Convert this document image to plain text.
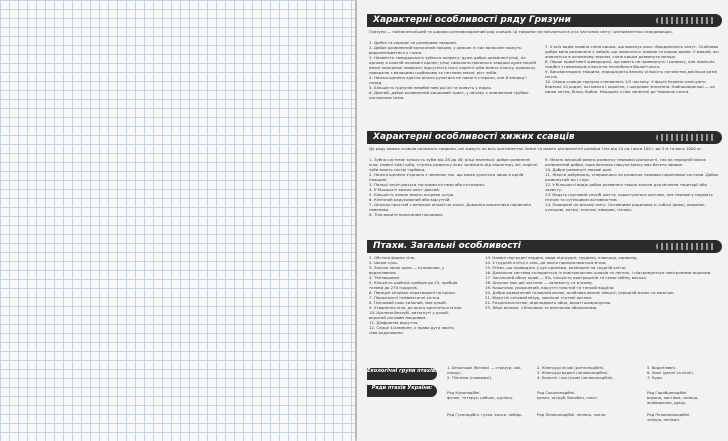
Характерні особливості ряду Гризуни
Гризуни — найчисельніший та широко розповсюджений ряд ссавців. Ці тварини зустрічаються в усіх частинах світу і різноманітних середовищах.
1. Дрібні та середні за розмірами тварини.
2. Добре розвинений волосяний покрив, у деяких із них волосяне можуть видозмінюватися у голки.
3. Наявність твердорукого зубного апарату: дуже добре розвинені різці, по одному в кожній половині щелеп; різці самозагострюються завдяки дуже міцній емалі передньої поверхні; відсутність ікол; корінні зуби мають плоску жувальну поверхню з великими горбиками та петлями емалі; ріст зубів.
4. Нижня щелепа здатна вільно рухатися не лише в сторони, але й вперед і назад.
5. Більшість гризунів невибагливі до їжі та живуть у норах.
6. Довгий, добре розвинений кишковий тракт, у зв'язку з живленням грубою рослинною їжею.
7. У всіх видів наявна сліпа кишка, що виконує роль «бродильного чану». Особливо добре вона розвинена у зайців, що живляться травою та корою дерев. У мишей, які живляться в основному зерном, сліпа кишка розвинута менше.
8. Перші примітивні живородячі, що мають не привернуть і розвину, але повільно подібні з невеликою кількістю незлобного біологічного.
9. Високоплодючі тварини, народжують велику кількість потомства декілька разів на рік.
10. Серед ссавців гризуни становлять 1/3 частину. У фауні України налічують близько 10 родин, які мають і корисне, і шкідливе значення. Найпоширеніші — це миша хатня, білка, бобер. Нещадно з них занесені до Червоної книги.
Характерні особливості хижих ссавців
До ряду хижих ссавців належать тварини, які живуть на всіх континентах Землі та мають різноманітні розміри тіла від 14 см і ваги 100 г до 3 м та ваги 1000 кг.
1. Зубна система: кількість зубів від 28 до 48; різці маленькі; добре розвинені ікла; наявні хижі зуби, ступінь розвитку яких залежить від характеру їжі; корінні зуби мають гострі горбики.
2. Нижня щелепа з'єднана з черепом так, що може рухатися лише в одній площині.
3. Пальці закінчуються гострими кігтями або кігтиками.
4. У більшості хижих хвіст довгий.
5. Більшість хижих мають яскраве хутро.
6. Кінечний редукований або відсутній.
7. Шлунок простий з великою кількістю залоз. Довжина кишечника порівняно невелика.
8. Тіло вкрите волосяним покривом.
9. Мають високий рівень розвитку нервової діяльності, так як передній мозок розвинений добре, кора великих півкуль мозку має багато звивин.
10. Добре розвинуті нюхові долі.
11. Жертв добувають, спираючись на розвиток нервово-пороннової системи. Добре розвинутий зір і слух.
12. У більшості видів добре розвинені також залози для мічення території або захисту.
13. Ведуть груповий спосіб життя, користуються житлом, але перевагу надають нічним та сутінковим активностям.
14. Поширені по всьому світу. Основними родинами є: собачі (вовк), ведмежі, куницеві, котячі, єнотові, віверові, гієнові.
Птахи. Загальні особливості
1. Обтічна форма тіла.
2. Шкіра суха.
3. Залоза лише одна — куприкова, у водоплавних.
4. Теплокровні.
5. Кількість шийних хребців до 25, хребців голови до 270 градусів.
6. Передні кінцівки перетворені на крила.
7. Порожнисті пневматичні кістки.
8. Плечовий пояс сильний, має дзьоб.
9. Утворення кіля, до якого кріпляться м'язи.
10. Щелепи беззубі, витягнуті у дзьоб, вкритий роговим покривом.
11. Діафрагма відсутня.
12. Серце 4-камерне, є права дуга аорти, ліва редукована.
13. Наявні підгрудні пердня, види підгрудні: грудина, ключиця, коракоїд.
14. У грудній клітці є кіль, до якого прикріплюються м'язи.
15. М'язи, що приводять у рух крилами, розміщені на грудній клітці.
16. Дихальна система складається із повітроносних шляхів та легень, і підтримується повітряними мішками.
17. Загальний обсяг крові — 9%, кількість еритроцитів та гемоглобіну висока.
18. Шлунок має дві частини — залозисту та м'язову.
19. Кишечник укорочений, відсутні товстий та тонкий відділи.
20. Добре розвинений головний мозок, особливо великі півкулі, середній мозок та мозочок.
21. Відсутні сечовий міхур, зовнішні статеві органи.
22. Роздільностатеві, відкладають яйця, вкриті шкаралупою.
23. Яйце велике, з білковою та вапняною оболонками.
Екологічні групи птахів:
Ряди птахів України:
1. Безкільові (бігаючі — страуси, ківі, нанду).
2. Пінгвіни (плаваючі).
2. Кілегруді лісові (дятлоподібні).
3. Кілегруді водяні (лелекоподібні).
4. Болотні і пастухові (лелекоподібні).
5. Водоплавні.
6. Хижі (денні та нічні).
7. Кури.
Ряд Куроподібні.
фазан, тетерук, рябчик, куріпка.
Ряд Соколоподібні.
орлан, яструб, балобан, сокіл.
Ряд Горобцеподібні.
ворона, ластівка, синиця, жайворонок, дрізд.
Ряд Гусеподібні. гуска, качка, лебідь.	Ряд Лелекоподібні. лелека, чапля.	Ряд Пелеканоподібні.
чепура, пелікан.
